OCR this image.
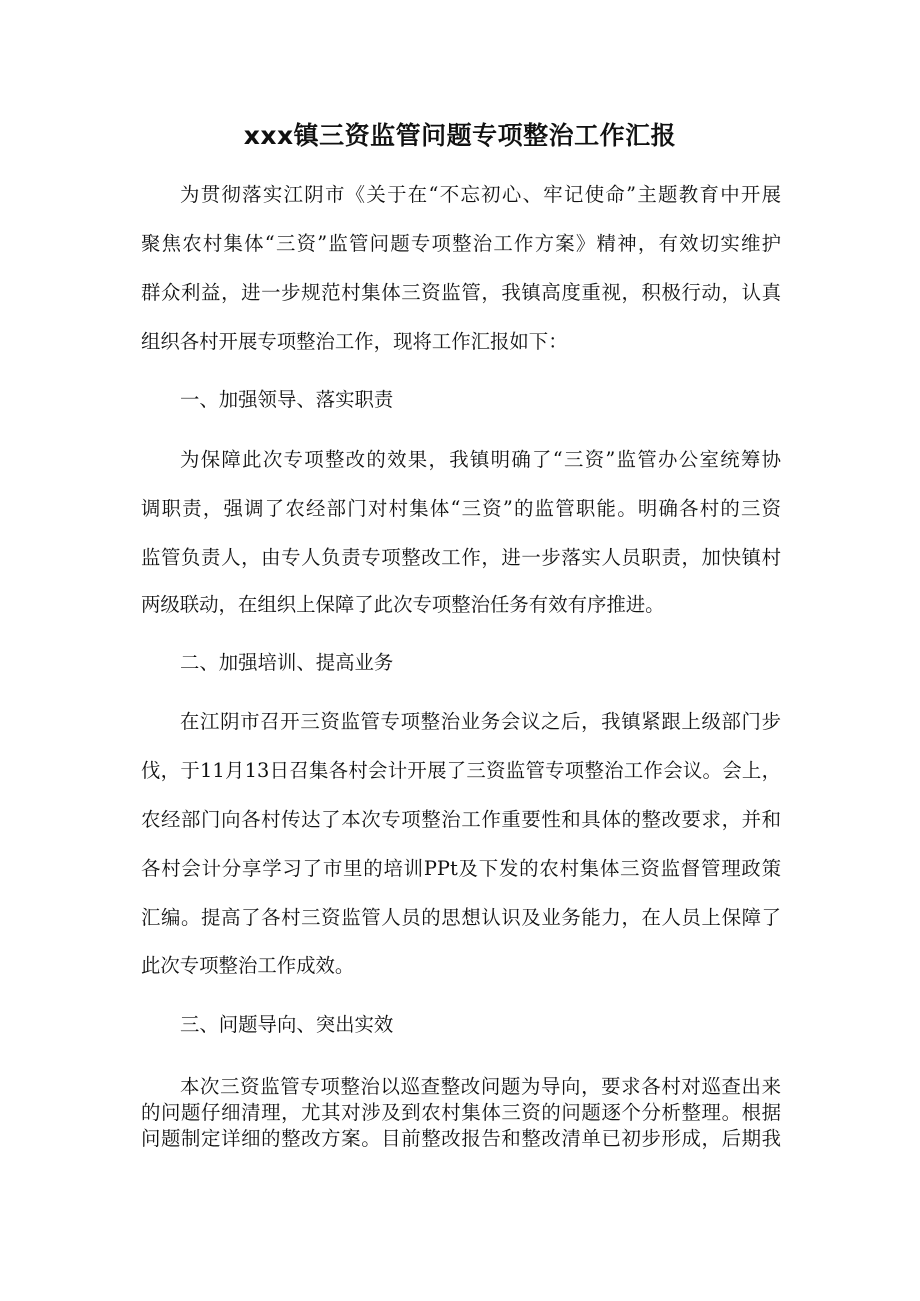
xxx镇三资监管问题专项整治工作汇报
为贯彻落实江阴市《关于在“不忘初心、牢记使命”主题教育中开展
聚焦农村集体“三资”监管问题专项整治工作方案》精神，有效切实维护
群众利益，进一步规范村集体三资监管，我镇高度重视，积极行动，认真
组织各村开展专项整治工作，现将工作汇报如下：
一、加强领导、落实职责
为保障此次专项整改的效果，我镇明确了“三资”监管办公室统筹协
调职责，强调了农经部门对村集体“三资”的监管职能。明确各村的三资
监管负责人，由专人负责专项整改工作，进一步落实人员职责，加快镇村
两级联动，在组织上保障了此次专项整治任务有效有序推进。
二、加强培训、提高业务
在江阴市召开三资监管专项整治业务会议之后，我镇紧跟上级部门步
伐，于11月13日召集各村会计开展了三资监管专项整治工作会议。会上，
农经部门向各村传达了本次专项整治工作重要性和具体的整改要求，并和
各村会计分享学习了市里的培训PPt及下发的农村集体三资监督管理政策
汇编。提高了各村三资监管人员的思想认识及业务能力，在人员上保障了
此次专项整治工作成效。
三、问题导向、突出实效
本次三资监管专项整治以巡查整改问题为导向，要求各村对巡查出来
的问题仔细清理，尤其对涉及到农村集体三资的问题逐个分析整理。根据
问题制定详细的整改方案。目前整改报告和整改清单已初步形成，后期我
